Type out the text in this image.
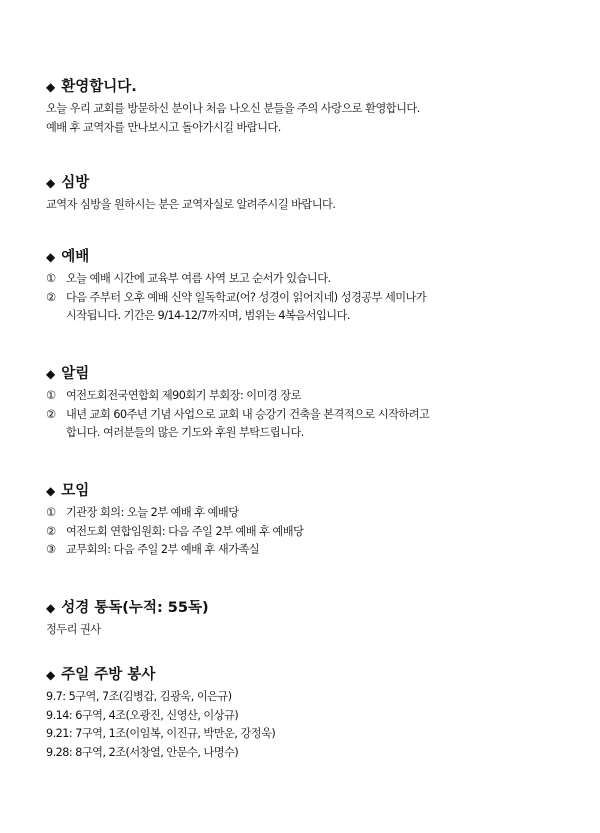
◆ 환영합니다.
오늘 우리 교회를 방문하신 분이나 처음 나오신 분들을 주의 사랑으로 환영합니다.
예배 후 교역자를 만나보시고 돌아가시길 바랍니다.
◆ 심방
교역자 심방을 원하시는 분은 교역자실로 알려주시길 바랍니다.
◆ 예배
① 오늘 예배 시간에 교육부 여름 사역 보고 순서가 있습니다.
② 다음 주부터 오후 예배 신약 일독학교(어? 성경이 읽어지네) 성경공부 세미나가
시작됩니다. 기간은 9/14-12/7까지며, 범위는 4복음서입니다.
◆ 알림
① 여전도회전국연합회 제90회기 부회장: 이미경 장로
② 내년 교회 60주년 기념 사업으로 교회 내 승강기 건축을 본격적으로 시작하려고
합니다. 여러분들의 많은 기도와 후원 부탁드립니다.
◆ 모임
① 기관장 회의: 오늘 2부 예배 후 예배당
② 여전도회 연합임원회: 다음 주일 2부 예배 후 예배당
③ 교무회의: 다음 주일 2부 예배 후 새가족실
◆ 성경 통독(누적: 55독)
정두리 권사
◆ 주일 주방 봉사
9.7: 5구역, 7조(김병갑, 김광욱, 이은규)
9.14: 6구역, 4조(오광진, 신영산, 이상규)
9.21: 7구역, 1조(이임복, 이진규, 박만운, 강정욱)
9.28: 8구역, 2조(서창열, 안문수, 나명수)
